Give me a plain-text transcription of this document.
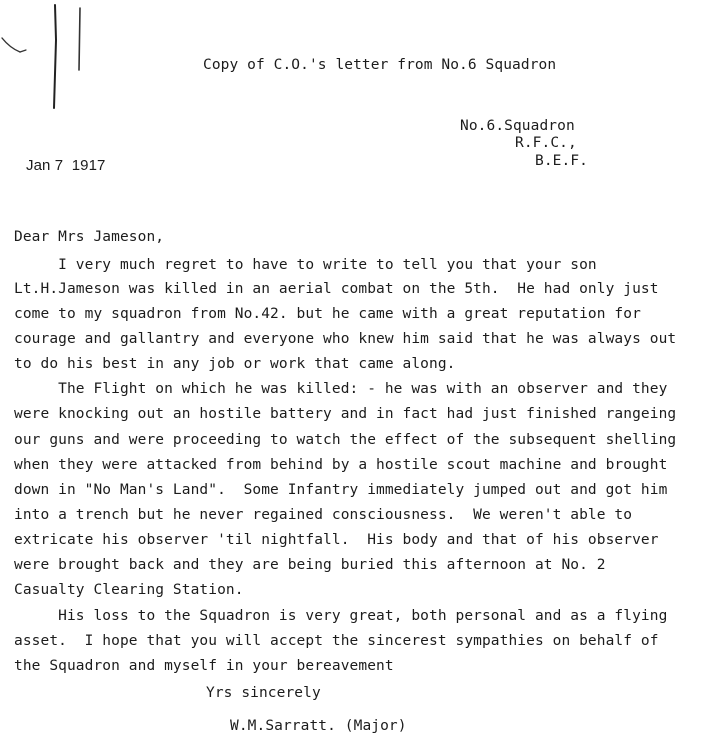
Copy of C.O.'s letter from No.6 Squadron
No.6.Squadron
R.F.C.,
B.E.F.
Jan 7  1917
Dear Mrs Jameson,
I very much regret to have to write to tell you that your son
Lt.H.Jameson was killed in an aerial combat on the 5th.  He had only just
come to my squadron from No.42. but he came with a great reputation for
courage and gallantry and everyone who knew him said that he was always out
to do his best in any job or work that came along.
The Flight on which he was killed: - he was with an observer and they
were knocking out an hostile battery and in fact had just finished rangeing
our guns and were proceeding to watch the effect of the subsequent shelling
when they were attacked from behind by a hostile scout machine and brought
down in "No Man's Land".  Some Infantry immediately jumped out and got him
into a trench but he never regained consciousness.  We weren't able to
extricate his observer 'til nightfall.  His body and that of his observer
were brought back and they are being buried this afternoon at No. 2
Casualty Clearing Station.
His loss to the Squadron is very great, both personal and as a flying
asset.  I hope that you will accept the sincerest sympathies on behalf of
the Squadron and myself in your bereavement
Yrs sincerely
W.M.Sarratt. (Major)
